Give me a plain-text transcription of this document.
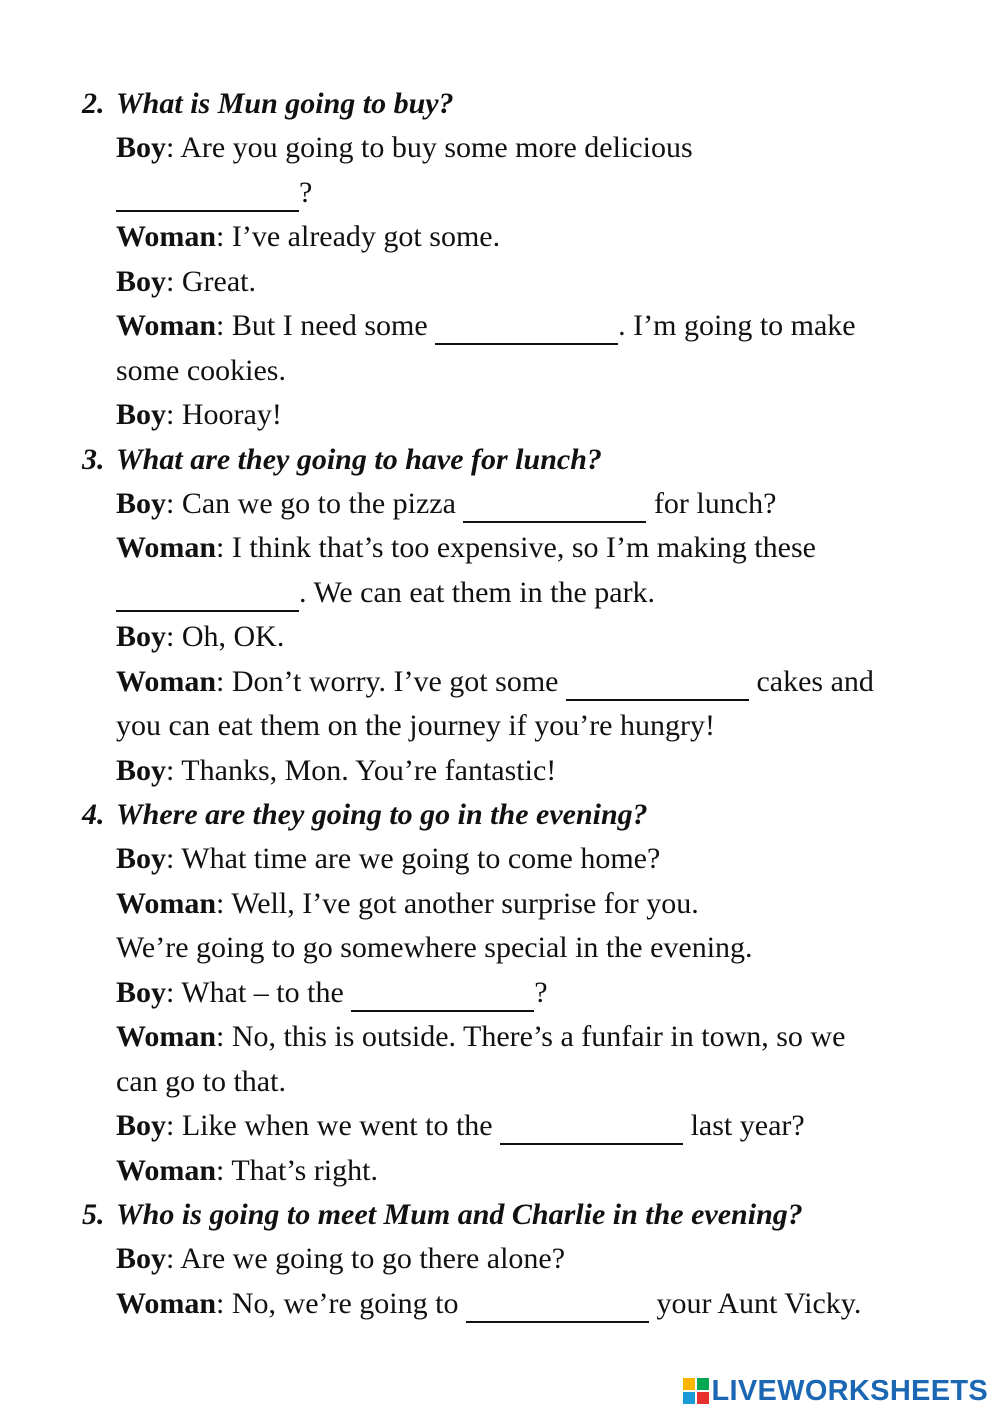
2. What is Mun going to buy?
Boy: Are you going to buy some more delicious
?
Woman: I’ve already got some.
Boy: Great.
Woman: But I need some	. I’m going to make
some cookies.
Boy: Hooray!
3. What are they going to have for lunch?
Boy: Can we go to the pizza	for lunch?
Woman: I think that’s too expensive, so I’m making these
. We can eat them in the park.
Boy: Oh, OK.
Woman: Don’t worry. I’ve got some	cakes and
you can eat them on the journey if you’re hungry!
Boy: Thanks, Mon. You’re fantastic!
4. Where are they going to go in the evening?
Boy: What time are we going to come home?
Woman: Well, I’ve got another surprise for you.
We’re going to go somewhere special in the evening.
Boy: What – to the	?
Woman: No, this is outside. There’s a funfair in town, so we
can go to that.
Boy: Like when we went to the	last year?
Woman: That’s right.
5. Who is going to meet Mum and Charlie in the evening?
Boy: Are we going to go there alone?
Woman: No, we’re going to	your Aunt Vicky.
LIVEWORKSHEETS
